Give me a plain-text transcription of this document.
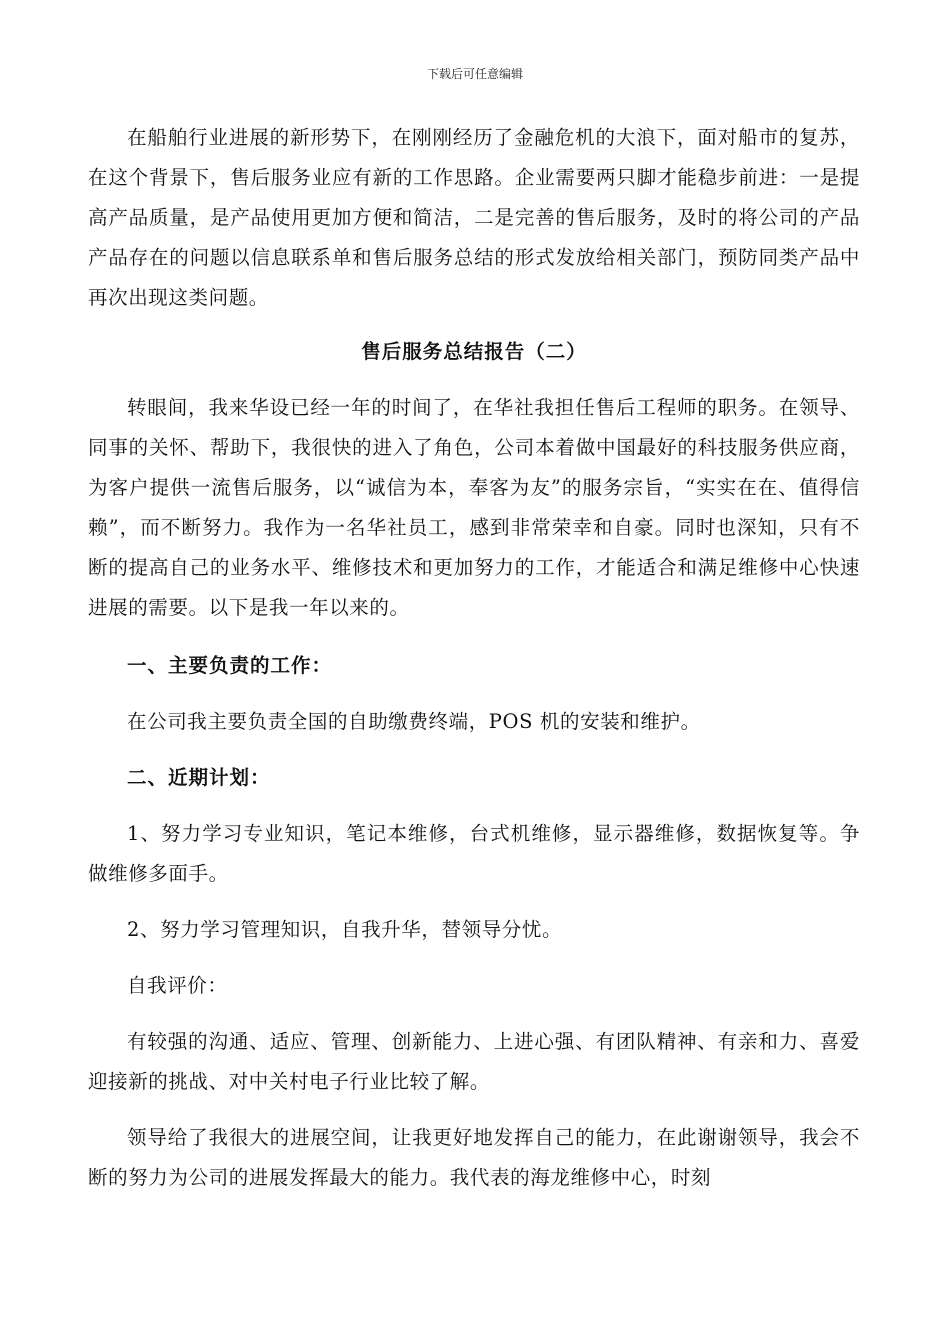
下载后可任意编辑

在船舶行业进展的新形势下，在刚刚经历了金融危机的大浪下，面对船市的复苏，在这个背景下，售后服务业应有新的工作思路。企业需要两只脚才能稳步前进：一是提高产品质量，是产品使用更加方便和简洁，二是完善的售后服务，及时的将公司的产品产品存在的问题以信息联系单和售后服务总结的形式发放给相关部门，预防同类产品中再次出现这类问题。

售后服务总结报告（二）

转眼间，我来华设已经一年的时间了，在华社我担任售后工程师的职务。在领导、同事的关怀、帮助下，我很快的进入了角色，公司本着做中国最好的科技服务供应商，为客户提供一流售后服务，以“诚信为本，奉客为友”的服务宗旨，“实实在在、值得信赖”，而不断努力。我作为一名华社员工，感到非常荣幸和自豪。同时也深知，只有不断的提高自己的业务水平、维修技术和更加努力的工作，才能适合和满足维修中心快速进展的需要。以下是我一年以来的。

一、主要负责的工作：

在公司我主要负责全国的自助缴费终端，POS 机的安装和维护。

二、近期计划：

1、努力学习专业知识，笔记本维修，台式机维修，显示器维修，数据恢复等。争做维修多面手。

2、努力学习管理知识，自我升华，替领导分忧。

自我评价：

有较强的沟通、适应、管理、创新能力、上进心强、有团队精神、有亲和力、喜爱迎接新的挑战、对中关村电子行业比较了解。

领导给了我很大的进展空间，让我更好地发挥自己的能力，在此谢谢领导，我会不断的努力为公司的进展发挥最大的能力。我代表的海龙维修中心，时刻
